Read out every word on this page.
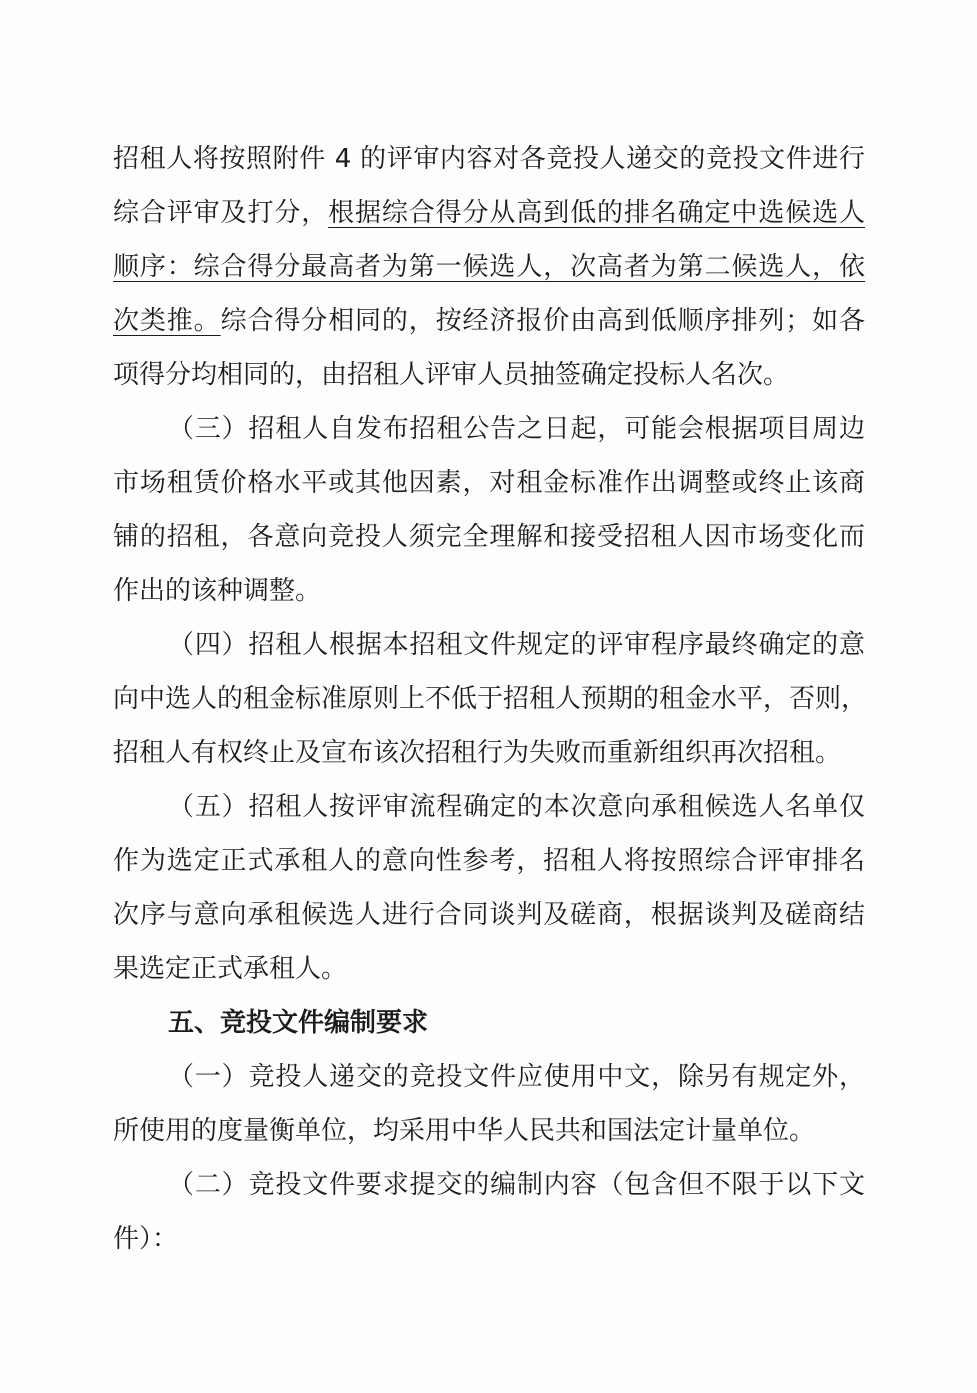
招租人将按照附件 4 的评审内容对各竞投人递交的竞投文件进行
综合评审及打分，根据综合得分从高到低的排名确定中选候选人
顺序：综合得分最高者为第一候选人，次高者为第二候选人，依
次类推。综合得分相同的，按经济报价由高到低顺序排列；如各
项得分均相同的，由招租人评审人员抽签确定投标人名次。
（三）招租人自发布招租公告之日起，可能会根据项目周边
市场租赁价格水平或其他因素，对租金标准作出调整或终止该商
铺的招租，各意向竞投人须完全理解和接受招租人因市场变化而
作出的该种调整。
（四）招租人根据本招租文件规定的评审程序最终确定的意
向中选人的租金标准原则上不低于招租人预期的租金水平，否则，
招租人有权终止及宣布该次招租行为失败而重新组织再次招租。
（五）招租人按评审流程确定的本次意向承租候选人名单仅
作为选定正式承租人的意向性参考，招租人将按照综合评审排名
次序与意向承租候选人进行合同谈判及磋商，根据谈判及磋商结
果选定正式承租人。
五、竞投文件编制要求
（一）竞投人递交的竞投文件应使用中文，除另有规定外，
所使用的度量衡单位，均采用中华人民共和国法定计量单位。
（二）竞投文件要求提交的编制内容（包含但不限于以下文
件）：
